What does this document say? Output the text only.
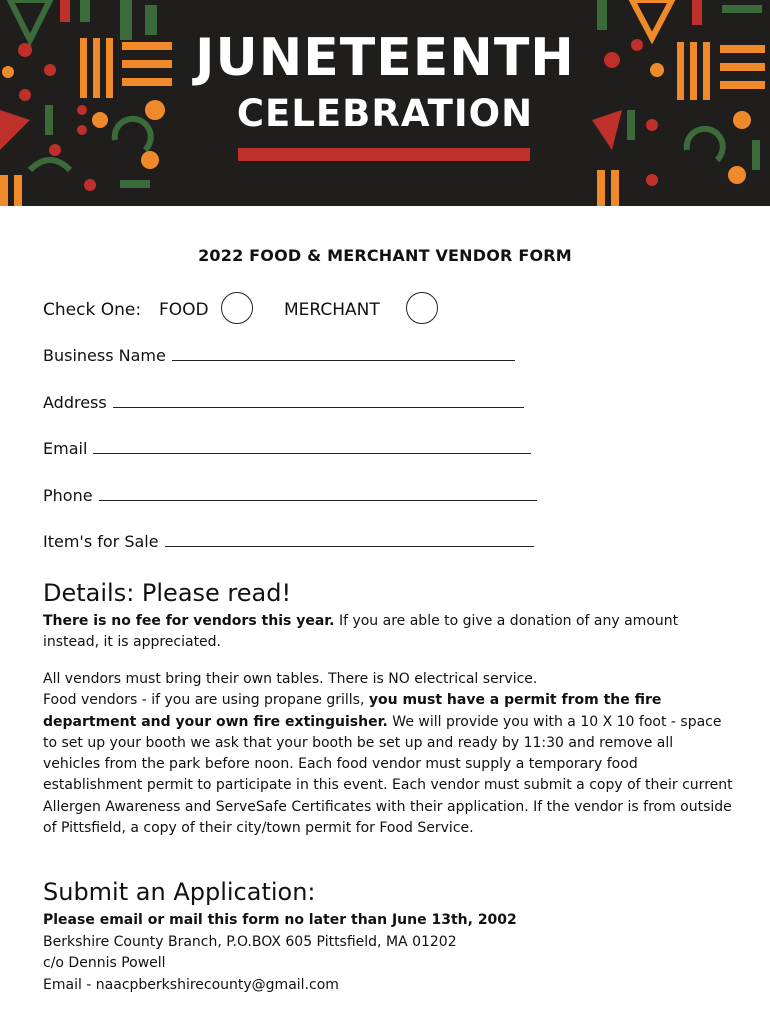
JUNETEENTH
CELEBRATION
2022 FOOD & MERCHANT VENDOR FORM
Check One: FOOD	MERCHANT
Business Name
Address
Email
Phone
Item's for Sale
Details: Please read!
There is no fee for vendors this year. If you are able to give a donation of any amount instead, it is appreciated.
All vendors must bring their own tables. There is NO electrical service.
Food vendors - if you are using propane grills, you must have a permit from the fire department and your own fire extinguisher. We will provide you with a 10 X 10 foot - space to set up your booth we ask that your booth be set up and ready by 11:30 and remove all vehicles from the park before noon. Each food vendor must supply a temporary food establishment permit to participate in this event. Each vendor must submit a copy of their current Allergen Awareness and ServeSafe Certificates with their application. If the vendor is from outside of Pittsfield, a copy of their city/town permit for Food Service.
Submit an Application:
Please email or mail this form no later than June 13th, 2002
Berkshire County Branch, P.O.BOX 605 Pittsfield, MA 01202
c/o Dennis Powell
Email - naacpberkshirecounty@gmail.com
